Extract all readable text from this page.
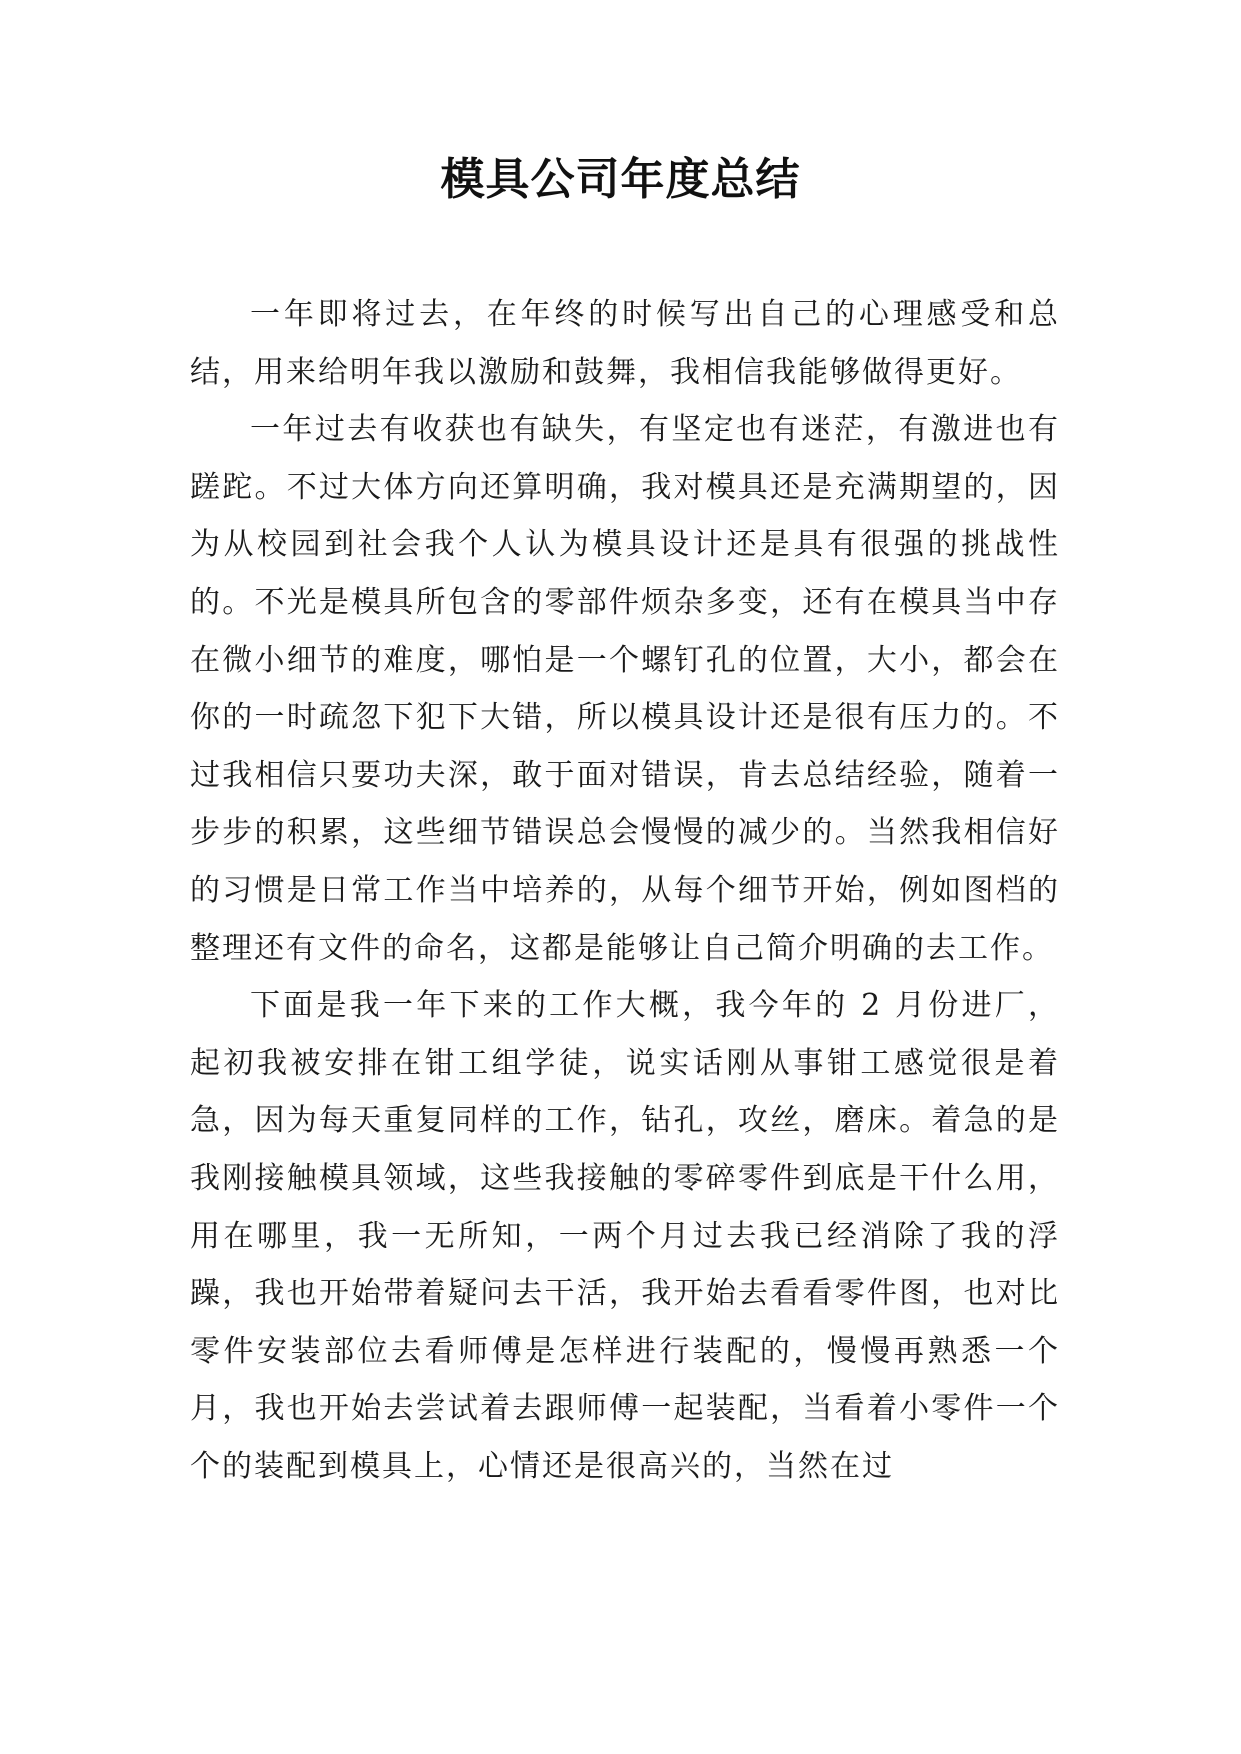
模具公司年度总结

一年即将过去，在年终的时候写出自己的心理感受和总结，用来给明年我以激励和鼓舞，我相信我能够做得更好。

一年过去有收获也有缺失，有坚定也有迷茫，有激进也有蹉跎。不过大体方向还算明确，我对模具还是充满期望的，因为从校园到社会我个人认为模具设计还是具有很强的挑战性的。不光是模具所包含的零部件烦杂多变，还有在模具当中存在微小细节的难度，哪怕是一个螺钉孔的位置，大小，都会在你的一时疏忽下犯下大错，所以模具设计还是很有压力的。不过我相信只要功夫深，敢于面对错误，肯去总结经验，随着一步步的积累，这些细节错误总会慢慢的减少的。当然我相信好的习惯是日常工作当中培养的，从每个细节开始，例如图档的整理还有文件的命名，这都是能够让自己简介明确的去工作。

下面是我一年下来的工作大概，我今年的 2 月份进厂，起初我被安排在钳工组学徒，说实话刚从事钳工感觉很是着急，因为每天重复同样的工作，钻孔，攻丝，磨床。着急的是我刚接触模具领域，这些我接触的零碎零件到底是干什么用，用在哪里，我一无所知，一两个月过去我已经消除了我的浮躁，我也开始带着疑问去干活，我开始去看看零件图，也对比零件安装部位去看师傅是怎样进行装配的，慢慢再熟悉一个月，我也开始去尝试着去跟师傅一起装配，当看着小零件一个个的装配到模具上，心情还是很高兴的，当然在过
